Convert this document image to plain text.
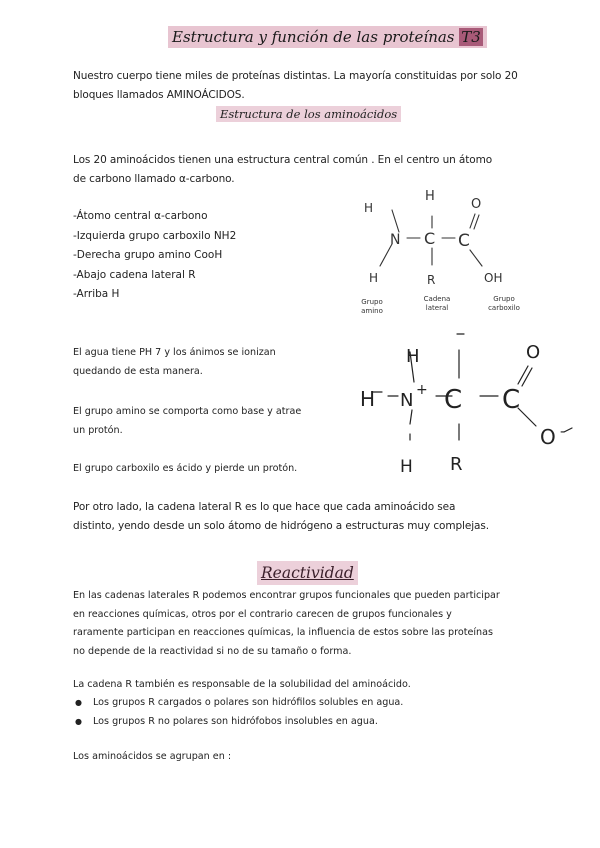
Estructura y función de las proteínas T3
Nuestro cuerpo tiene miles de proteínas distintas. La mayoría constituidas por solo 20
bloques llamados AMINOÁCIDOS.
Estructura de los aminoácidos
Los 20 aminoácidos tienen una estructura central común . En el centro un átomo
de carbono llamado α-carbono.
-Átomo central α-carbono
-Izquierda grupo carboxilo NH2
-Derecha grupo amino CooH
-Abajo cadena lateral R
-Arriba H
H
H
N C C
O
H	R	OH
Grupo
amino
Cadena
lateral
Grupo
carboxilo
El agua tiene PH 7 y los ánimos se ionizan
quedando de esta manera.
El grupo amino se comporta como base y atrae
un protón.
El grupo carboxilo es ácido y pierde un protón.
H
H N + C C
O
O -
H R
Por otro lado, la cadena lateral R es lo que hace que cada aminoácido sea
distinto, yendo desde un solo átomo de hidrógeno a estructuras muy complejas.
Reactividad
En las cadenas laterales R podemos encontrar grupos funcionales que pueden participar
en reacciones químicas, otros por el contrario carecen de grupos funcionales y
raramente participan en reacciones químicas, la influencia de estos sobre las proteínas
no depende de la reactividad si no de su tamaño o forma.
La cadena R también es responsable de la solubilidad del aminoácido.
● Los grupos R cargados o polares son hidrófilos solubles en agua.
● Los grupos R no polares son hidrófobos insolubles en agua.
Los aminoácidos se agrupan en :
